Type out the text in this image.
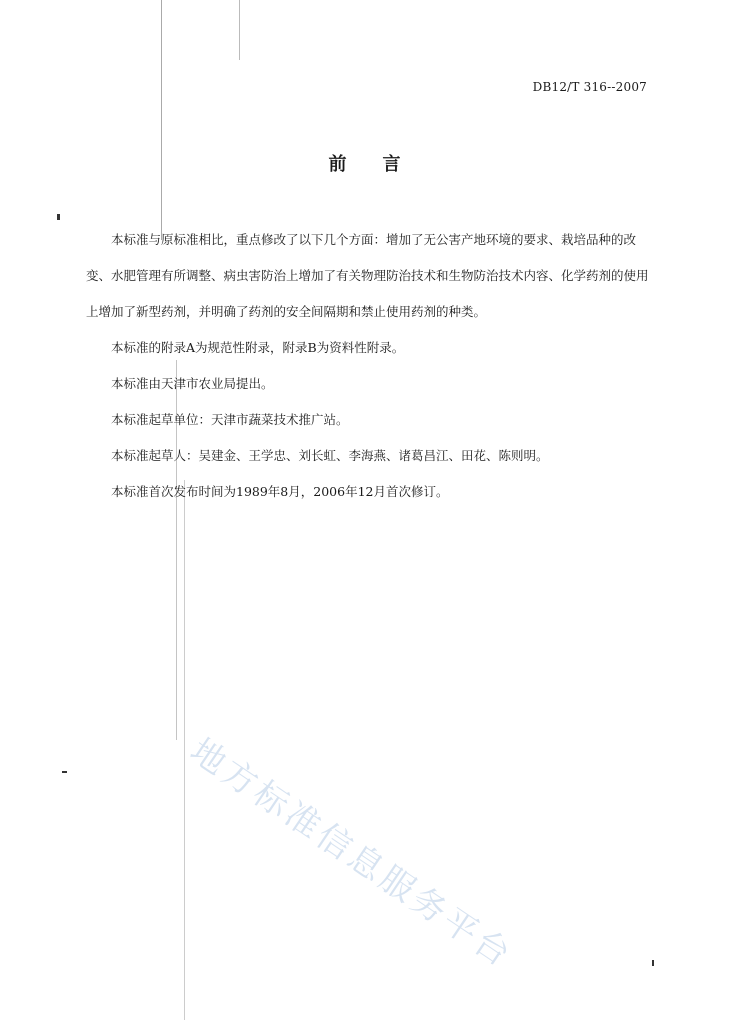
DB12/T 316--2007
前言

本标准与原标准相比，重点修改了以下几个方面：增加了无公害产地环境的要求、栽培品种的改变、水肥管理有所调整、病虫害防治上增加了有关物理防治技术和生物防治技术内容、化学药剂的使用上增加了新型药剂，并明确了药剂的安全间隔期和禁止使用药剂的种类。

本标准的附录A为规范性附录，附录B为资料性附录。

本标准由天津市农业局提出。

本标准起草单位：天津市蔬菜技术推广站。

本标准起草人：吴建金、王学忠、刘长虹、李海燕、诸葛昌江、田花、陈则明。

本标准首次发布时间为1989年8月，2006年12月首次修订。

地方标准信息服务平台
